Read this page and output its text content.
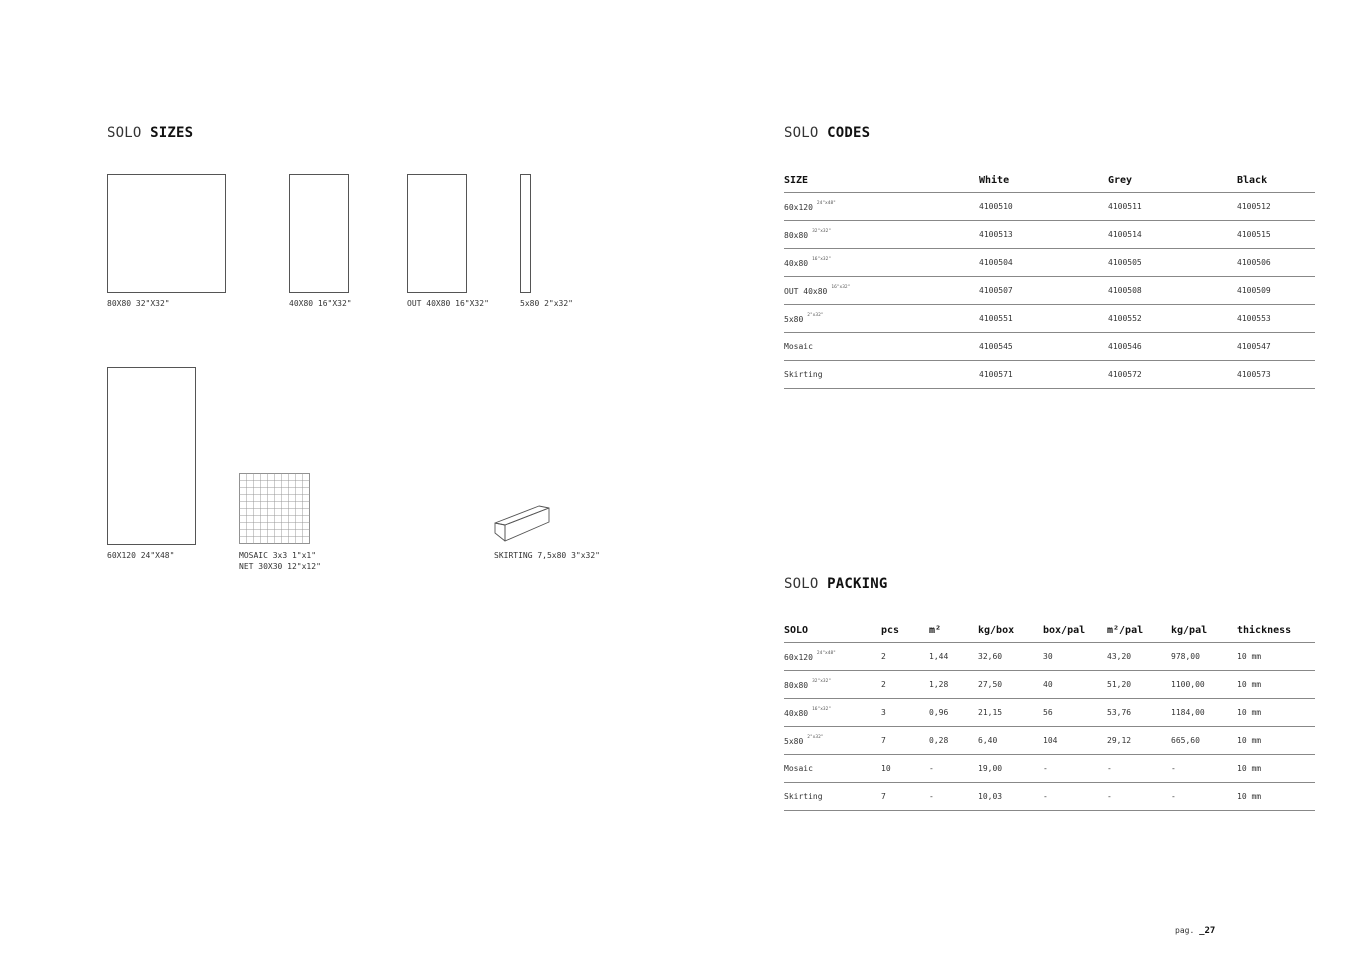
SOLO SIZES
80X80 32"X32"	40X80 16"X32"	OUT 40X80 16"X32"	5x80 2"x32"
60X120 24"X48"	MOSAIC 3x3 1"x1"
NET 30X30 12"x12"
SKIRTING 7,5x80 3"x32"
SOLO CODES
SIZE	White	Grey	Black
60x120 $^{24"x48"}$	4100510	4100511	4100512
80x80 $^{32"x32"}$	4100513	4100514	4100515
40x80 $^{16"x32"}$	4100504	4100505	4100506
OUT 40x80 $^{16"x32"}$	4100507	4100508	4100509
5x80 $^{2"x32"}$	4100551	4100552	4100553
Mosaic	4100545	4100546	4100547
Skirting	4100571	4100572	4100573
SOLO PACKING
SOLO	pcs	m²	kg/box	box/pal	m²/pal	kg/pal	thickness
60x120 $^{24"x48"}$	2	1,44	32,60	30	43,20	978,00	10 mm
80x80 $^{32"x32"}$	2	1,28	27,50	40	51,20	1100,00	10 mm
40x80 $^{16"x32"}$	3	0,96	21,15	56	53,76	1184,00	10 mm
5x80 $^{2"x32"}$	7	0,28	6,40	104	29,12	665,60	10 mm
Mosaic	10	-	19,00	-	-	-	10 mm
Skirting	7	-	10,03	-	-	-	10 mm
pag. _27
